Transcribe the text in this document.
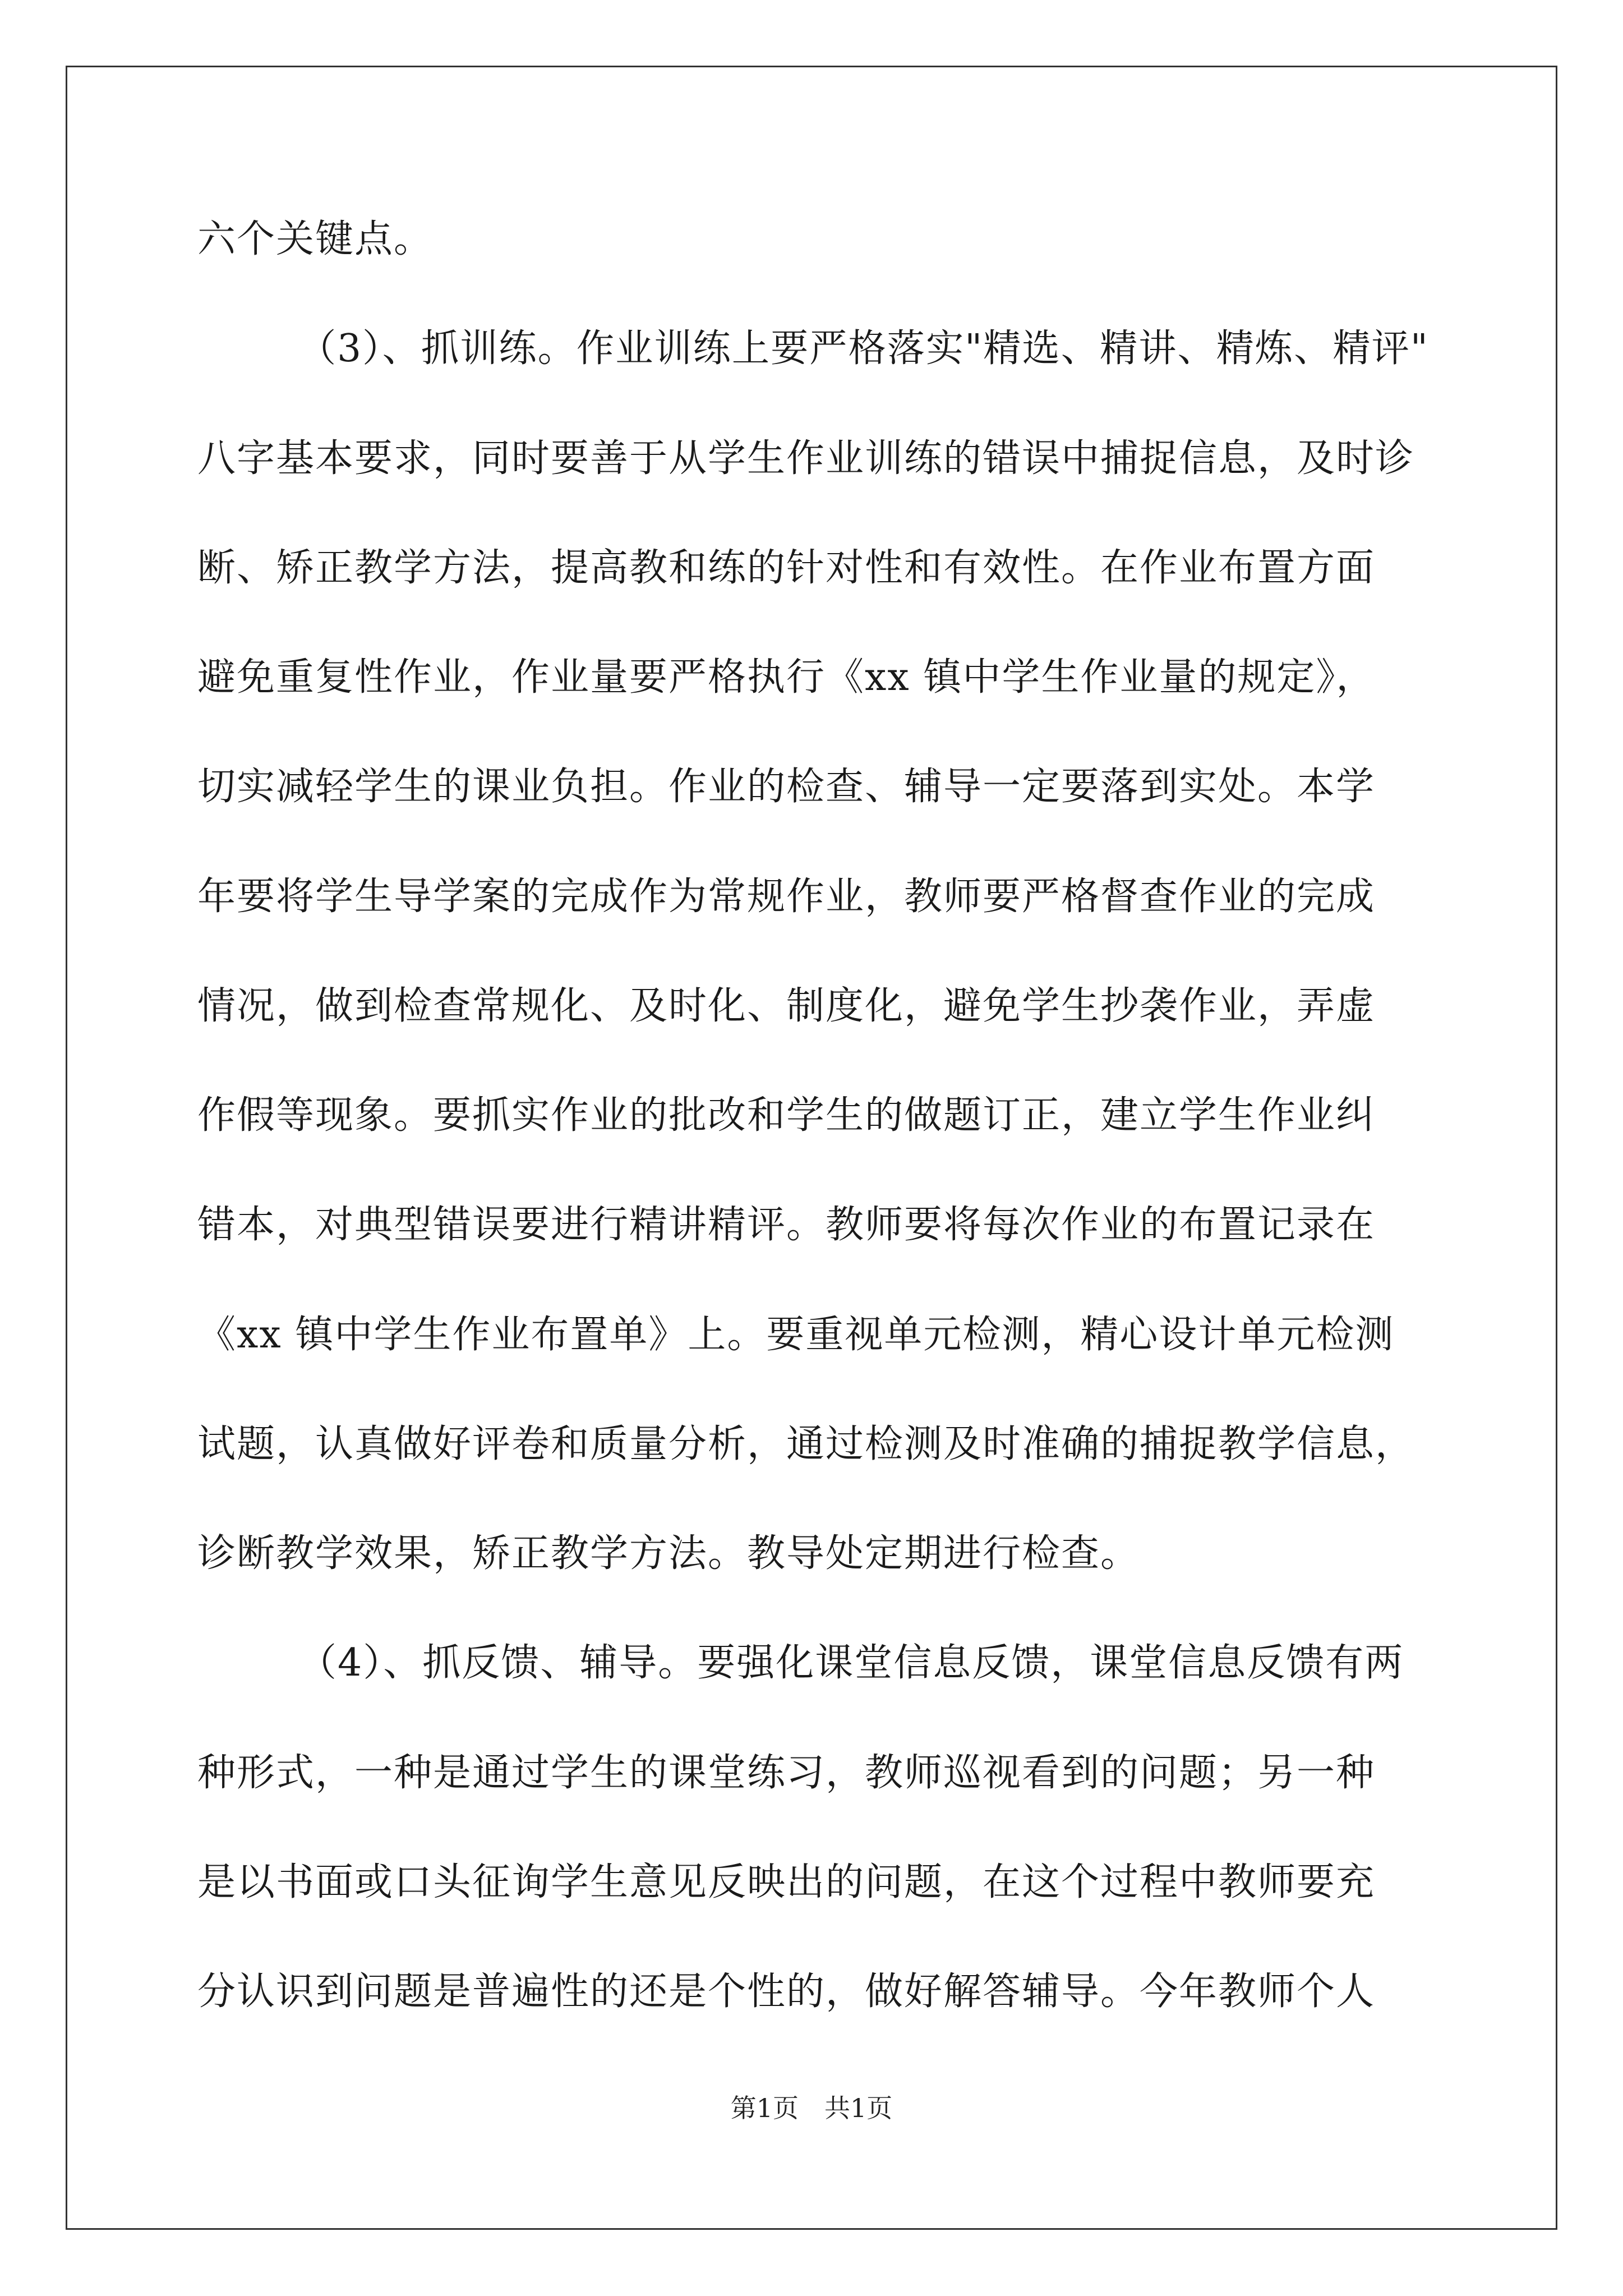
六个关键点。

（3）、抓训练。作业训练上要严格落实"精选、精讲、精炼、精评"

八字基本要求，同时要善于从学生作业训练的错误中捕捉信息，及时诊

断、矫正教学方法，提高教和练的针对性和有效性。在作业布置方面

避免重复性作业，作业量要严格执行《xx 镇中学生作业量的规定》，

切实减轻学生的课业负担。作业的检查、辅导一定要落到实处。本学

年要将学生导学案的完成作为常规作业，教师要严格督查作业的完成

情况，做到检查常规化、及时化、制度化，避免学生抄袭作业，弄虚

作假等现象。要抓实作业的批改和学生的做题订正，建立学生作业纠

错本，对典型错误要进行精讲精评。教师要将每次作业的布置记录在

《xx 镇中学生作业布置单》上。要重视单元检测，精心设计单元检测

试题，认真做好评卷和质量分析，通过检测及时准确的捕捉教学信息，

诊断教学效果，矫正教学方法。教导处定期进行检查。

（4）、抓反馈、辅导。要强化课堂信息反馈，课堂信息反馈有两

种形式，一种是通过学生的课堂练习，教师巡视看到的问题；另一种

是以书面或口头征询学生意见反映出的问题，在这个过程中教师要充

分认识到问题是普遍性的还是个性的，做好解答辅导。今年教师个人

第1页　共1页
